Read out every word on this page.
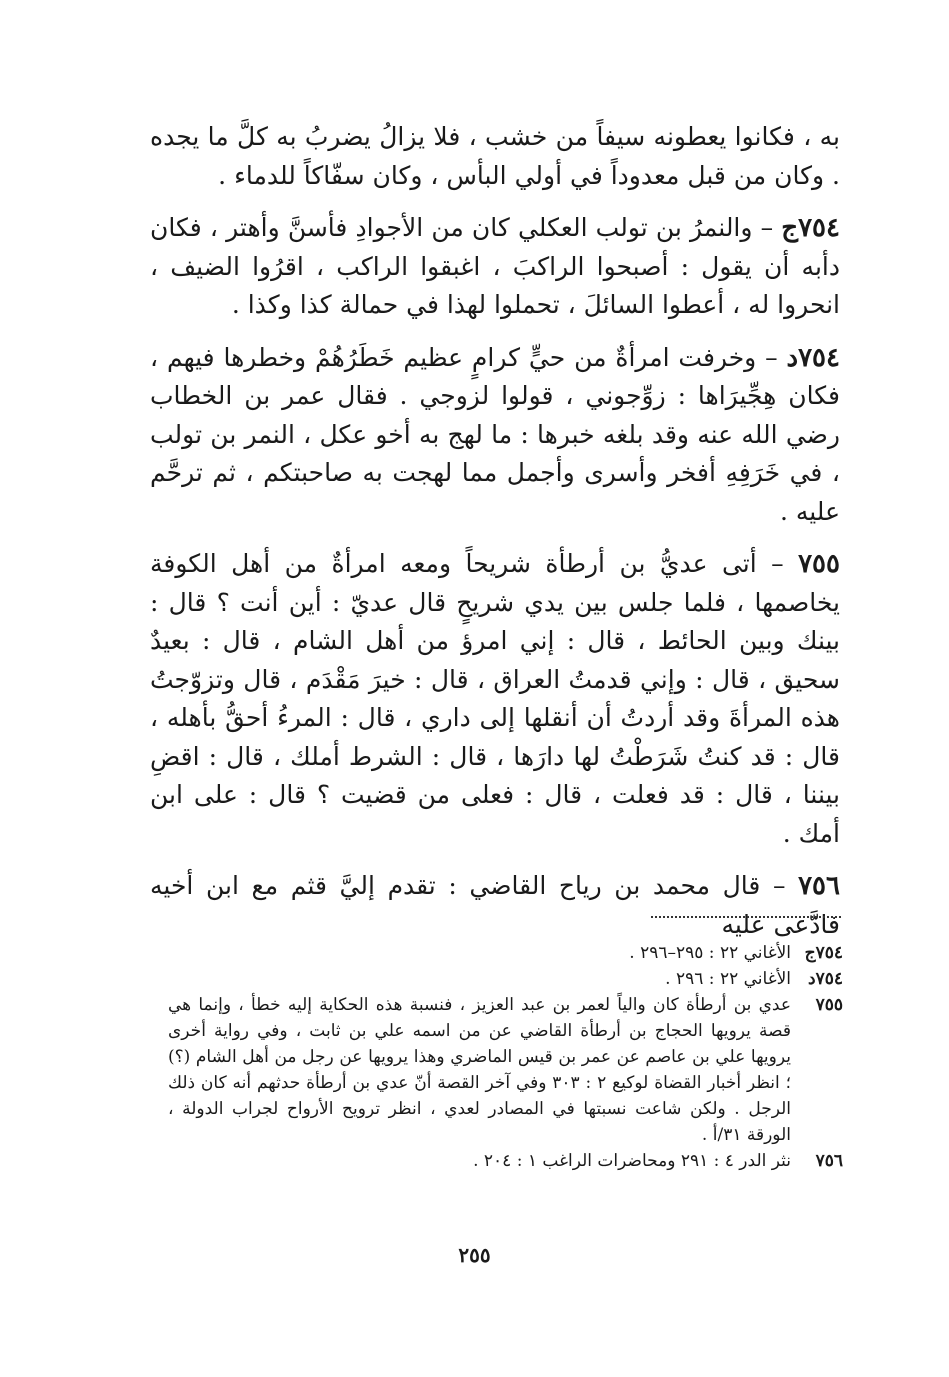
به ، فكانوا يعطونه سيفاً من خشب ، فلا يزالُ يضربُ به كلَّ ما يجده . وكان من قبل معدوداً في أولي البأس ، وكان سفّاكاً للدماء .

٧٥٤ج – والنمرُ بن تولب العكلي كان من الأجوادِ فأسنَّ وأهتر ، فكان دأبه أن يقول : أصبحوا الراكبَ ، اغبقوا الراكب ، اقرُوا الضيف ، انحروا له ، أعطوا السائلَ ، تحملوا لهذا في حمالة كذا وكذا .

٧٥٤د – وخرفت امرأةٌ من حيٍّ كرامٍ عظيم خَطَرُهُمْ وخطرها فيهم ، فكان هِجِّيرَاها : زوِّجوني ، قولوا لزوجي . فقال عمر بن الخطاب رضي الله عنه وقد بلغه خبرها : ما لهج به أخو عكل ، النمر بن تولب ، في خَرَفِهِ أفخر وأسرى وأجمل مما لهجت به صاحبتكم ، ثم ترحَّم عليه .

٧٥٥ – أتى عديُّ بن أرطأة شريحاً ومعه امرأةٌ من أهل الكوفة يخاصمها ، فلما جلس بين يدي شريحٍ قال عديّ : أين أنت ؟ قال : بينك وبين الحائط ، قال : إني امرؤ من أهل الشام ، قال : بعيدٌ سحيق ، قال : وإني قدمتُ العراق ، قال : خيرَ مَقْدَم ، قال وتزوّجتُ هذه المرأةَ وقد أردتُ أن أنقلها إلى داري ، قال : المرءُ أحقُّ بأهله ، قال : قد كنتُ شَرَطْتُ لها دارَها ، قال : الشرط أملك ، قال : اقضِ بيننا ، قال : قد فعلت ، قال : فعلى من قضيت ؟ قال : على ابن أمك .

٧٥٦ – قال محمد بن رياح القاضي : تقدم إليَّ قثم مع ابن أخيه فادَّعى عليه

٧٥٤ج
الأغاني ٢٢ : ٢٩٥–٢٩٦ .
٧٥٤د
الأغاني ٢٢ : ٢٩٦ .
٧٥٥
عدي بن أرطأة كان والياً لعمر بن عبد العزيز ، فنسبة هذه الحكاية إليه خطأ ، وإنما هي قصة يرويها الحجاج بن أرطأة القاضي عن من اسمه علي بن ثابت ، وفي رواية أخرى يرويها علي بن عاصم عن عمر بن قيس الماضري وهذا يرويها عن رجل من أهل الشام (؟) ؛ انظر أخبار القضاة لوكيع ٢ : ٣٠٣ وفي آخر القصة أنّ عدي بن أرطأة حدثهم أنه كان ذلك الرجل . ولكن شاعت نسبتها في المصادر لعدي ، انظر ترويح الأرواح لجراب الدولة ، الورقة ٣١/أ .
٧٥٦
نثر الدر ٤ : ٢٩١ ومحاضرات الراغب ١ : ٢٠٤ .
٢٥٥
